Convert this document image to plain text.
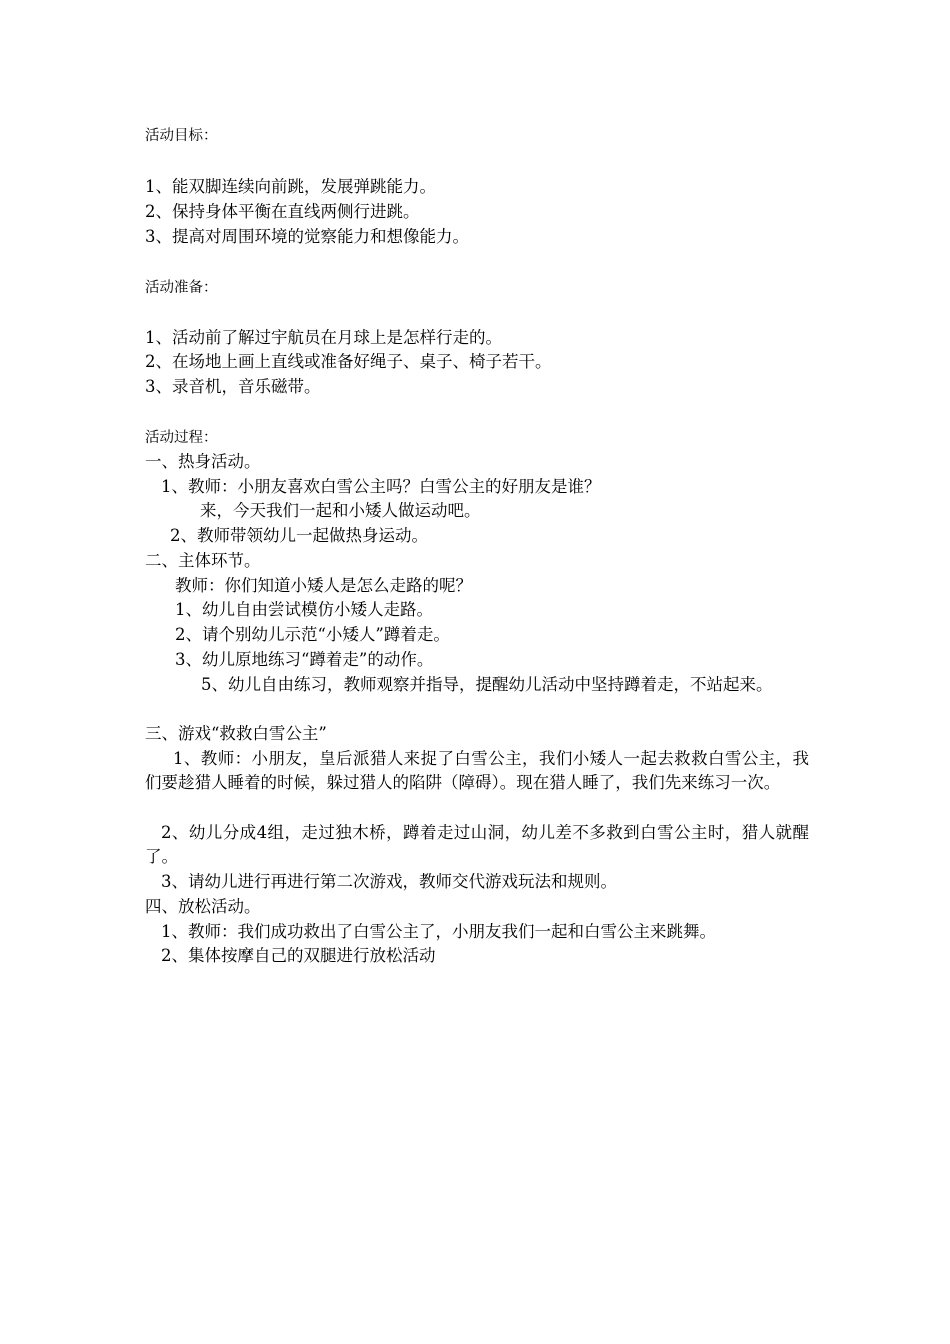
活动目标：
1、能双脚连续向前跳，发展弹跳能力。
2、保持身体平衡在直线两侧行进跳。
3、提高对周围环境的觉察能力和想像能力。
活动准备：
1、活动前了解过宇航员在月球上是怎样行走的。
2、在场地上画上直线或准备好绳子、桌子、椅子若干。
3、录音机，音乐磁带。
活动过程：
一、热身活动。
1、教师：小朋友喜欢白雪公主吗？白雪公主的好朋友是谁？
来，今天我们一起和小矮人做运动吧。
2、教师带领幼儿一起做热身运动。
二、主体环节。
教师：你们知道小矮人是怎么走路的呢？
1、幼儿自由尝试模仿小矮人走路。
2、请个别幼儿示范“小矮人”蹲着走。
3、幼儿原地练习“蹲着走”的动作。
5、幼儿自由练习，教师观察并指导，提醒幼儿活动中坚持蹲着走，不站起来。
三、游戏“救救白雪公主”
1、教师：小朋友，皇后派猎人来捉了白雪公主，我们小矮人一起去救救白雪公主，我们要趁猎人睡着的时候，躲过猎人的陷阱（障碍）。现在猎人睡了，我们先来练习一次。
2、幼儿分成4组，走过独木桥，蹲着走过山洞，幼儿差不多救到白雪公主时，猎人就醒了。
3、请幼儿进行再进行第二次游戏，教师交代游戏玩法和规则。
四、放松活动。
1、教师：我们成功救出了白雪公主了，小朋友我们一起和白雪公主来跳舞。
2、集体按摩自己的双腿进行放松活动
